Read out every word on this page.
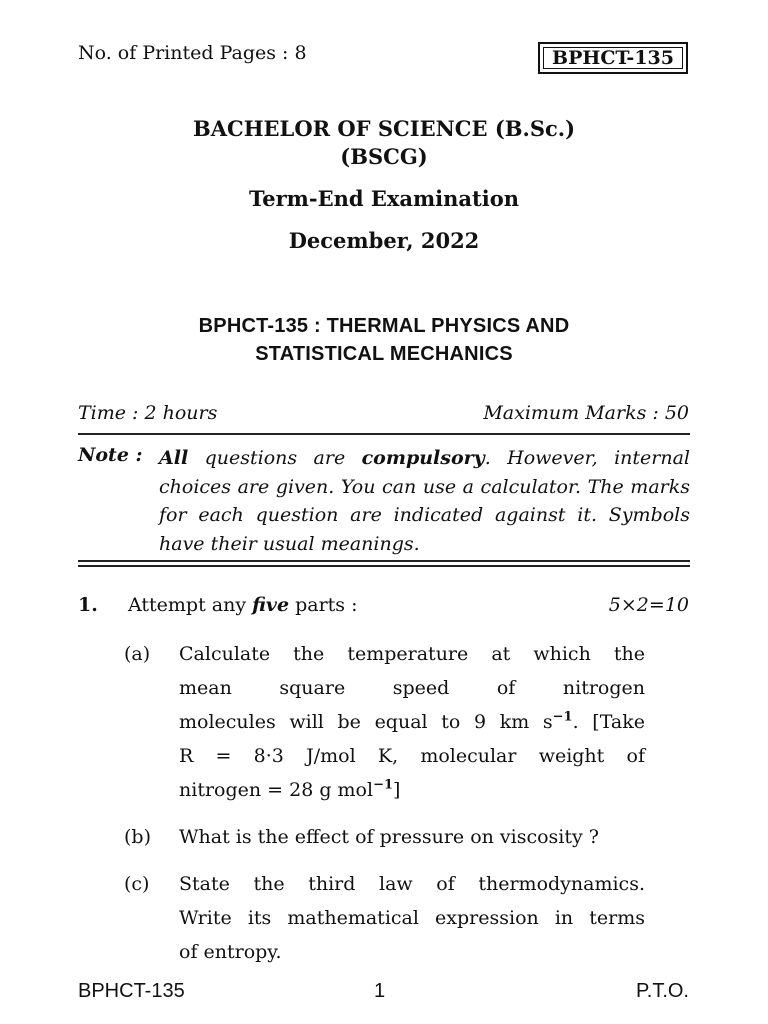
No. of Printed Pages : 8	BPHCT-135
BACHELOR OF SCIENCE (B.Sc.)
(BSCG)
Term-End Examination
December, 2022
BPHCT-135 : THERMAL PHYSICS AND
STATISTICAL MECHANICS
Time : 2 hours	Maximum Marks : 50
Note : All questions are compulsory. However, internal choices are given. You can use a calculator. The marks for each question are indicated against it. Symbols have their usual meanings.
1. Attempt any five parts :	5×2=10
(a) Calculate the temperature at which the
mean square speed of nitrogen
molecules will be equal to 9 km $s^{-1}$. [Take
R = 8·3 J/mol K, molecular weight of
nitrogen = 28 g mol$^{-1}$]
(b) What is the effect of pressure on viscosity ?
(c) State the third law of thermodynamics.
Write its mathematical expression in terms
of entropy.
BPHCT-135	1	P.T.O.
